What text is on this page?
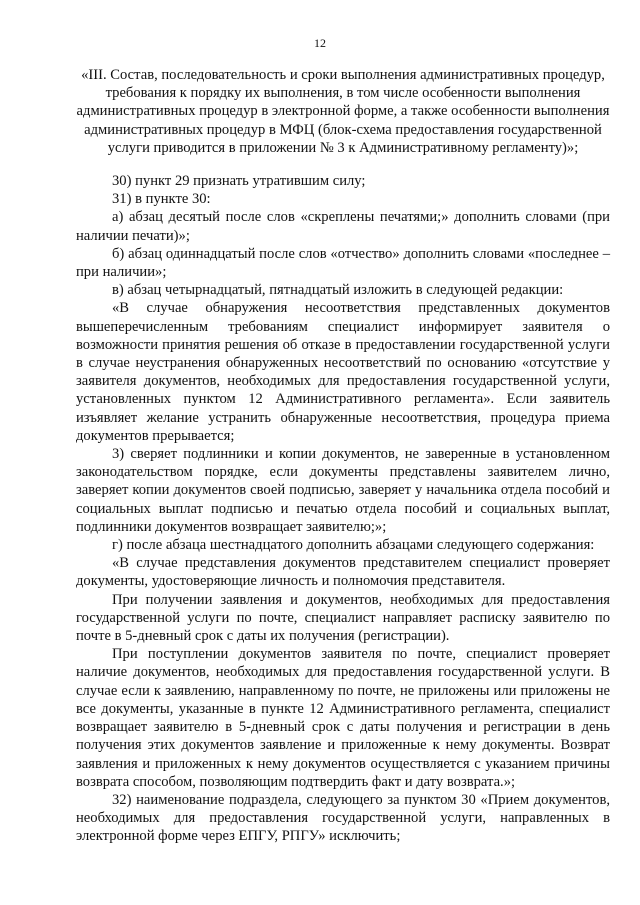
12
«III. Состав, последовательность и сроки выполнения административных процедур, требования к порядку их выполнения, в том числе особенности выполнения административных процедур в электронной форме, а также особенности выполнения административных процедур в МФЦ (блок-схема предоставления государственной услуги приводится в приложении № 3 к Административному регламенту)»;

30) пункт 29 признать утратившим силу;

31) в пункте 30:

а) абзац десятый после слов «скреплены печатями;» дополнить словами (при наличии печати)»;

б) абзац одиннадцатый после слов «отчество» дополнить словами «последнее – при наличии»;

в) абзац четырнадцатый, пятнадцатый изложить в следующей редакции:

«В случае обнаружения несоответствия представленных документов вышеперечисленным требованиям специалист информирует заявителя о возможности принятия решения об отказе в предоставлении государственной услуги в случае неустранения обнаруженных несоответствий по основанию «отсутствие у заявителя документов, необходимых для предоставления государственной услуги, установленных пунктом 12 Административного регламента». Если заявитель изъявляет желание устранить обнаруженные несоответствия, процедура приема документов прерывается;

3) сверяет подлинники и копии документов, не заверенные в установленном законодательством порядке, если документы представлены заявителем лично, заверяет копии документов своей подписью, заверяет у начальника отдела пособий и социальных выплат подписью и печатью отдела пособий и социальных выплат, подлинники документов возвращает заявителю;»;

г) после абзаца шестнадцатого дополнить абзацами следующего содержания:

«В случае представления документов представителем специалист проверяет документы, удостоверяющие личность и полномочия представителя.

При получении заявления и документов, необходимых для предоставления государственной услуги по почте, специалист направляет расписку заявителю по почте в 5-дневный срок с даты их получения (регистрации).

При поступлении документов заявителя по почте, специалист проверяет наличие документов, необходимых для предоставления государственной услуги. В случае если к заявлению, направленному по почте, не приложены или приложены не все документы, указанные в пункте 12 Административного регламента, специалист возвращает заявителю в 5-дневный срок с даты получения и регистрации в день получения этих документов заявление и приложенные к нему документы. Возврат заявления и приложенных к нему документов осуществляется с указанием причины возврата способом, позволяющим подтвердить факт и дату возврата.»;

32) наименование подраздела, следующего за пунктом 30 «Прием документов, необходимых для предоставления государственной услуги, направленных в электронной форме через ЕПГУ, РПГУ» исключить;
